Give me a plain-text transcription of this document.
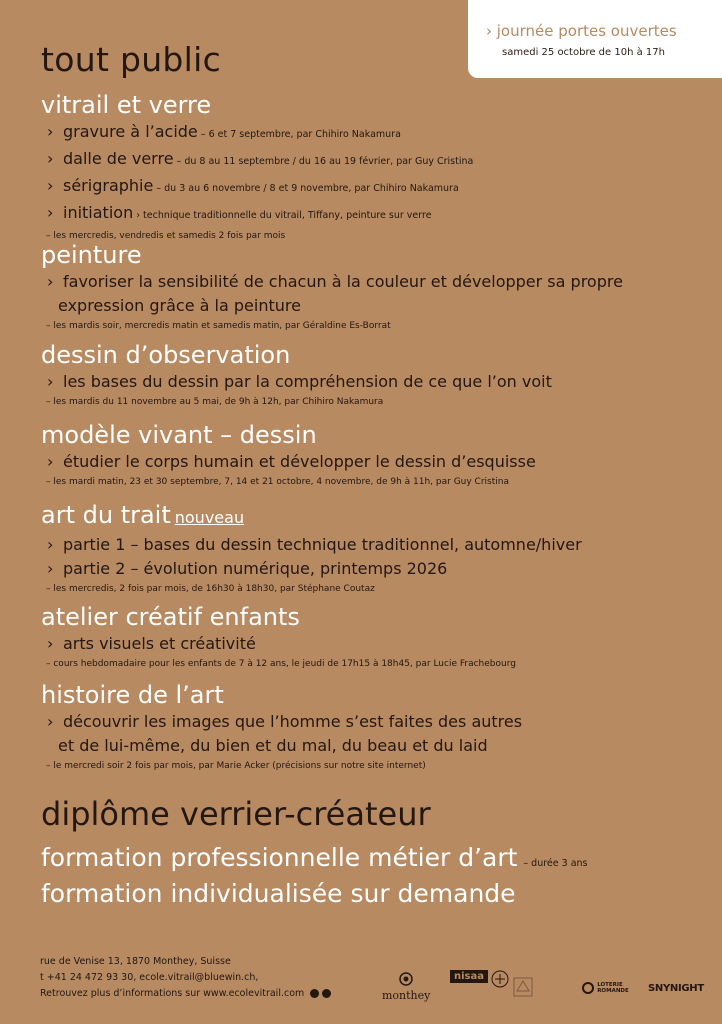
› journée portes ouvertes
samedi 25 octobre de 10h à 17h
tout public
vitrail et verre
› gravure à l’acide – 6 et 7 septembre, par Chihiro Nakamura
› dalle de verre – du 8 au 11 septembre / du 16 au 19 février, par Guy Cristina
› sérigraphie – du 3 au 6 novembre / 8 et 9 novembre, par Chihiro Nakamura
› initiation › technique traditionnelle du vitrail, Tiffany, peinture sur verre
– les mercredis, vendredis et samedis 2 fois par mois
peinture
› favoriser la sensibilité de chacun à la couleur et développer sa propre
expression grâce à la peinture
– les mardis soir, mercredis matin et samedis matin, par Géraldine Es-Borrat
dessin d’observation
› les bases du dessin par la compréhension de ce que l’on voit
– les mardis du 11 novembre au 5 mai, de 9h à 12h, par Chihiro Nakamura
modèle vivant – dessin
› étudier le corps humain et développer le dessin d’esquisse
– les mardi matin, 23 et 30 septembre, 7, 14 et 21 octobre, 4 novembre, de 9h à 11h, par Guy Cristina
art du trait nouveau
› partie 1 – bases du dessin technique traditionnel, automne/hiver
› partie 2 – évolution numérique, printemps 2026
– les mercredis, 2 fois par mois, de 16h30 à 18h30, par Stéphane Coutaz
atelier créatif enfants
› arts visuels et créativité
– cours hebdomadaire pour les enfants de 7 à 12 ans, le jeudi de 17h15 à 18h45, par Lucie Frachebourg
histoire de l’art
› découvrir les images que l’homme s’est faites des autres
et de lui-même, du bien et du mal, du beau et du laid
– le mercredi soir 2 fois par mois, par Marie Acker (précisions sur notre site internet)
diplôme verrier-créateur
formation professionnelle métier d’art – durée 3 ans
formation individualisée sur demande
rue de Venise 13, 1870 Monthey, Suisse
t +41 24 472 93 30, ecole.vitrail@bluewin.ch,
Retrouvez plus d’informations sur www.ecolevitrail.com	monthey
nisaa
LOTERIE ROMANDE SNYNIGHT
